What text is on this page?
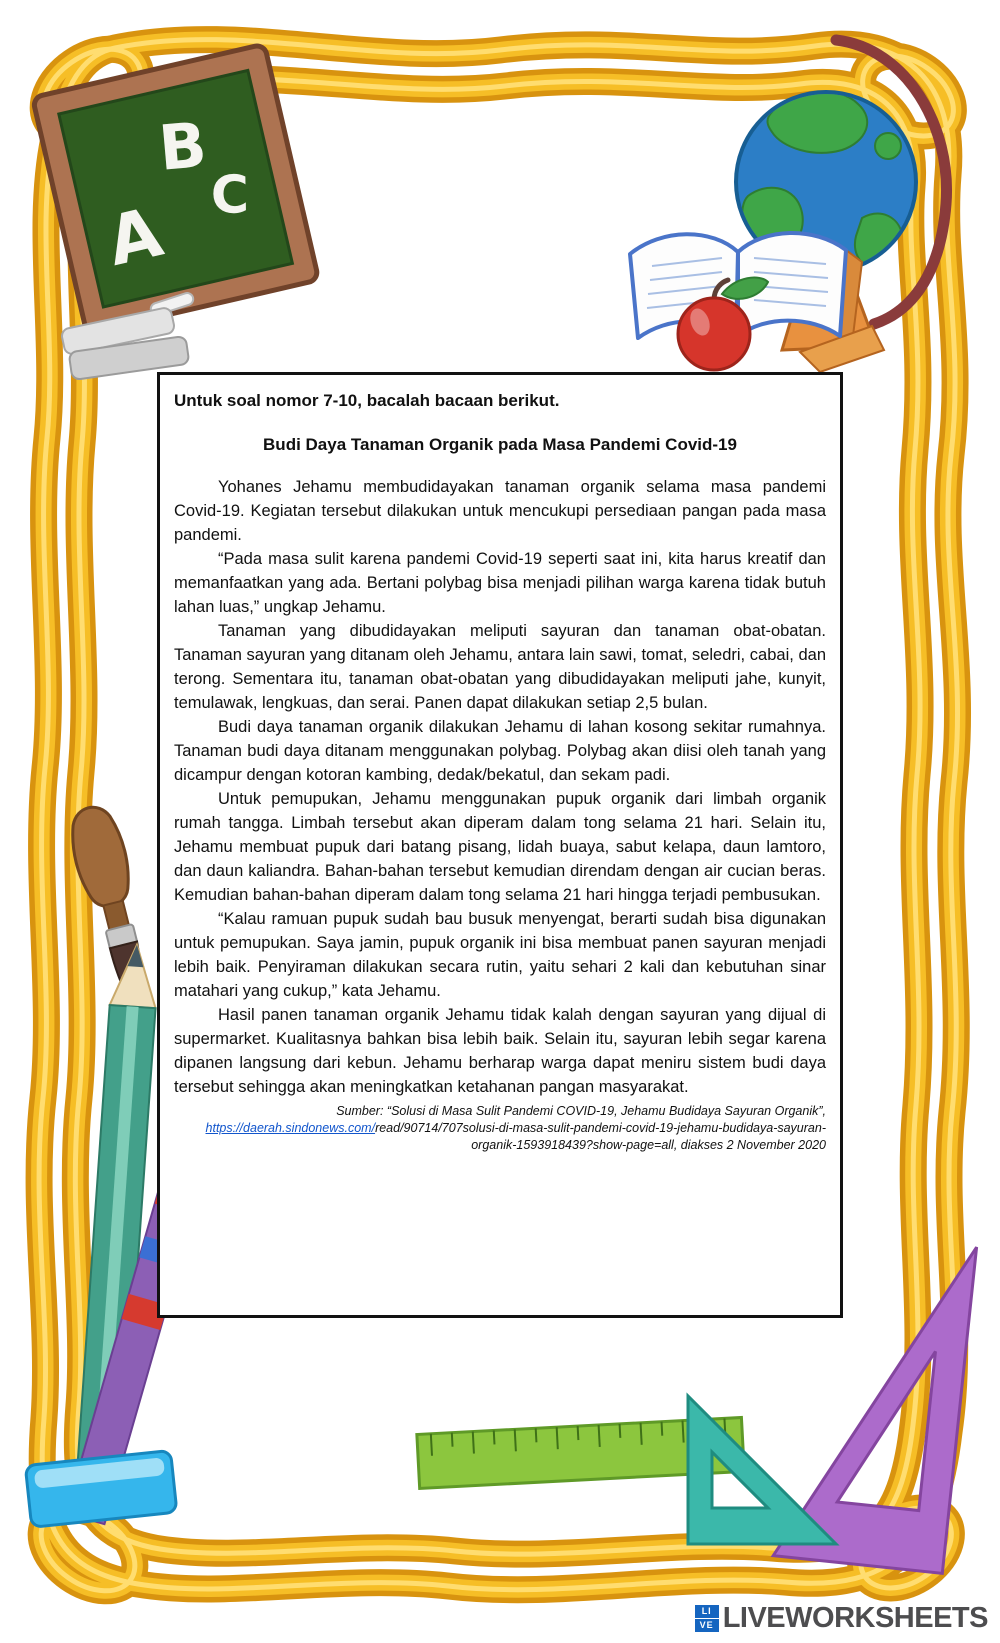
B
A C

Untuk soal nomor 7-10, bacalah bacaan berikut.

Budi Daya Tanaman Organik pada Masa Pandemi Covid-19

Yohanes Jehamu membudidayakan tanaman organik selama masa pandemi Covid-19. Kegiatan tersebut dilakukan untuk mencukupi persediaan pangan pada masa pandemi.

“Pada masa sulit karena pandemi Covid-19 seperti saat ini, kita harus kreatif dan memanfaatkan yang ada. Bertani polybag bisa menjadi pilihan warga karena tidak butuh lahan luas,” ungkap Jehamu.

Tanaman yang dibudidayakan meliputi sayuran dan tanaman obat-obatan. Tanaman sayuran yang ditanam oleh Jehamu, antara lain sawi, tomat, seledri, cabai, dan terong. Sementara itu, tanaman obat-obatan yang dibudidayakan meliputi jahe, kunyit, temulawak, lengkuas, dan serai. Panen dapat dilakukan setiap 2,5 bulan.

Budi daya tanaman organik dilakukan Jehamu di lahan kosong sekitar rumahnya. Tanaman budi daya ditanam menggunakan polybag. Polybag akan diisi oleh tanah yang dicampur dengan kotoran kambing, dedak/bekatul, dan sekam padi.

Untuk pemupukan, Jehamu menggunakan pupuk organik dari limbah organik rumah tangga. Limbah tersebut akan diperam dalam tong selama 21 hari. Selain itu, Jehamu membuat pupuk dari batang pisang, lidah buaya, sabut kelapa, daun lamtoro, dan daun kaliandra. Bahan-bahan tersebut kemudian direndam dengan air cucian beras. Kemudian bahan-bahan diperam dalam tong selama 21 hari hingga terjadi pembusukan.

“Kalau ramuan pupuk sudah bau busuk menyengat, berarti sudah bisa digunakan untuk pemupukan. Saya jamin, pupuk organik ini bisa membuat panen sayuran menjadi lebih baik. Penyiraman dilakukan secara rutin, yaitu sehari 2 kali dan kebutuhan sinar matahari yang cukup,” kata Jehamu.

Hasil panen tanaman organik Jehamu tidak kalah dengan sayuran yang dijual di supermarket. Kualitasnya bahkan bisa lebih baik. Selain itu, sayuran lebih segar karena dipanen langsung dari kebun. Jehamu berharap warga dapat meniru sistem budi daya tersebut sehingga akan meningkatkan ketahanan pangan masyarakat.

Sumber: “Solusi di Masa Sulit Pandemi COVID-19, Jehamu Budidaya Sayuran Organik”,
https://daerah.sindonews.com/read/90714/707solusi-di-masa-sulit-pandemi-covid-19-jehamu-budidaya-sayuran-
organik-1593918439?show-page=all, diakses 2 November 2020
LI
VE LIVEWORKSHEETS
